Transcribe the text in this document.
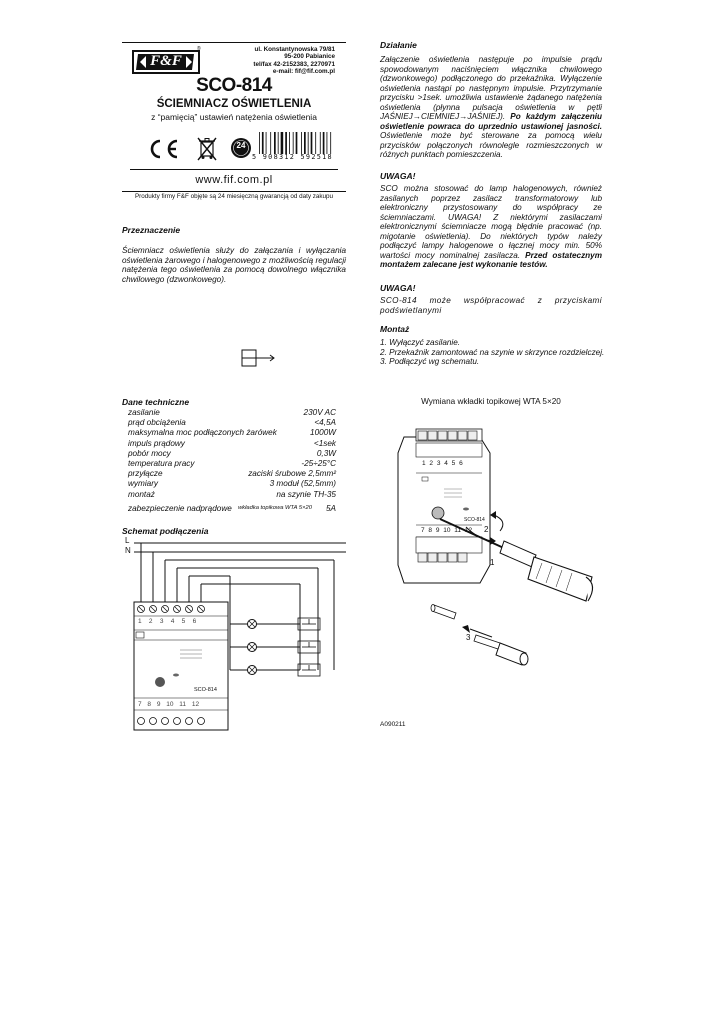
F&F
®	ul. Konstantynowska 79/81
95-200 Pabianice
tel/fax 42-2152383, 2270971
e-mail: fif@fif.com.pl
SCO-814
ŚCIEMNIACZ OŚWIETLENIA
z “pamięcią” ustawień natężenia oświetlenia
24
5 908312 592518
www.fif.com.pl
Produkty firmy F&F objęte są 24 miesięczną gwarancją od daty zakupu
Przeznaczenie
Ściemniacz oświetlenia służy do załączania i wyłączania oświetlenia żarowego i halogenowego z możliwością regulacji natężenia tego oświetlenia za pomocą dowolnego włącznika chwilowego (dzwonkowego).
Dane techniczne
zasilanie	230V AC
prąd obciążenia	<4,5A
maksymalna moc podłączonych żarówek	1000W
impuls prądowy	<1sek
pobór mocy	0,3W
temperatura pracy	-25÷25°C
przyłącze	zaciski śrubowe 2,5mm²
wymiary	3 moduł (52,5mm)
montaż	na szynie TH-35
zabezpieczenie nadprądowe wkładka topikowa WTA 5×20 5A
Schemat podłączenia
L
N
1 2 3 4 5 6
7 8 9 10 11 12
SCO-814
Działanie
Załączenie oświetlenia następuje po impulsie prądu spowodowanym naciśnięciem włącznika chwilowego (dzwonkowego) podłączonego do przekaźnika. Wyłączenie oświetlenia nastąpi po następnym impulsie. Przytrzymanie przycisku >1sek. umożliwia ustawienie żądanego natężenia oświetlenia (płynna pulsacja oświetlenia w pętli JAŚNIEJ→CIEMNIEJ→JAŚNIEJ). Po każdym załączeniu oświetlenie powraca do uprzednio ustawionej jasności. Oświetlenie może być sterowane za pomocą wielu przycisków połączonych równolegle rozmieszczonych w różnych punktach pomieszczenia.
UWAGA!
SCO można stosować do lamp halogenowych, również zasilanych poprzez zasilacz transformatorowy lub elektroniczny przystosowany do współpracy ze ściemniaczami. UWAGA! Z niektórymi zasilaczami elektronicznymi ściemniacze mogą błędnie pracować (np. migotanie oświetlenia). Do niektórych typów należy podłączyć lampy halogenowe o łącznej mocy min. 50% wartości mocy nominalnej zasilacza. Przed ostatecznym montażem zalecane jest wykonanie testów.
UWAGA!
SCO-814 może współpracować z przyciskami podświetlanymi
Montaż
1. Wyłączyć zasilanie.
2. Przekaźnik zamontować na szynie w skrzynce rozdzielczej.
3. Podłączyć wg schematu.
Wymiana wkładki topikowej WTA 5×20
1 2 3 4 5 6
7 8 9 10 11 12
SCO-814
1
2
3
A090211
